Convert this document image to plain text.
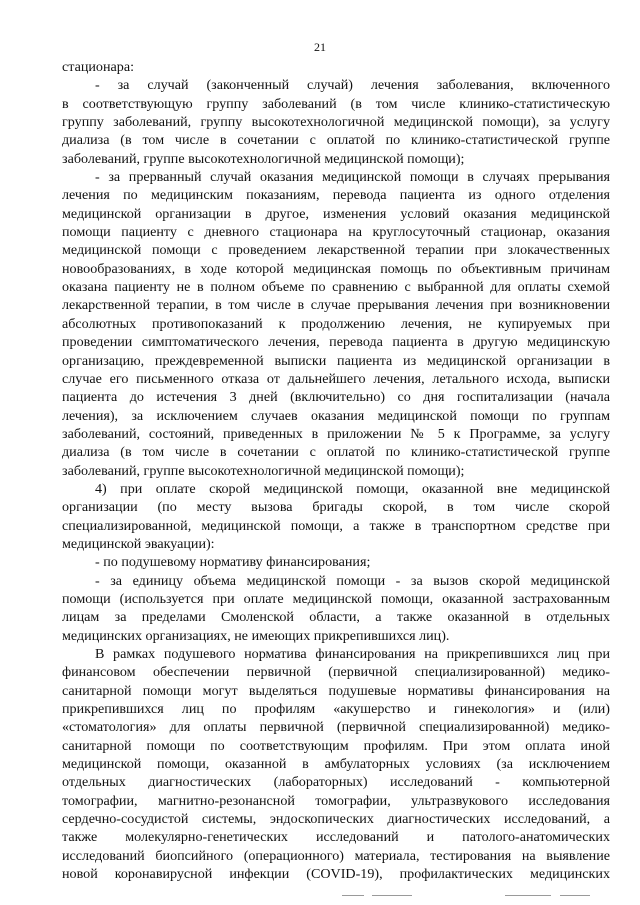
21
стационара:
- за случай (законченный случай) лечения заболевания, включенного
в соответствующую группу заболеваний (в том числе клинико-статистическую
группу заболеваний, группу высокотехнологичной медицинской помощи), за услугу
диализа (в том числе в сочетании с оплатой по клинико-статистической группе
заболеваний, группе высокотехнологичной медицинской помощи);
- за прерванный случай оказания медицинской помощи в случаях прерывания
лечения по медицинским показаниям, перевода пациента из одного отделения
медицинской организации в другое, изменения условий оказания медицинской
помощи пациенту с дневного стационара на круглосуточный стационар, оказания
медицинской помощи с проведением лекарственной терапии при злокачественных
новообразованиях, в ходе которой медицинская помощь по объективным причинам
оказана пациенту не в полном объеме по сравнению с выбранной для оплаты схемой
лекарственной терапии, в том числе в случае прерывания лечения при возникновении
абсолютных противопоказаний к продолжению лечения, не купируемых при
проведении симптоматического лечения, перевода пациента в другую медицинскую
организацию, преждевременной выписки пациента из медицинской организации в
случае его письменного отказа от дальнейшего лечения, летального исхода, выписки
пациента до истечения 3 дней (включительно) со дня госпитализации (начала
лечения), за исключением случаев оказания медицинской помощи по группам
заболеваний, состояний, приведенных в приложении № 5 к Программе, за услугу
диализа (в том числе в сочетании с оплатой по клинико-статистической группе
заболеваний, группе высокотехнологичной медицинской помощи);
4) при оплате скорой медицинской помощи, оказанной вне медицинской
организации (по месту вызова бригады скорой, в том числе скорой
специализированной, медицинской помощи, а также в транспортном средстве при
медицинской эвакуации):
- по подушевому нормативу финансирования;
- за единицу объема медицинской помощи - за вызов скорой медицинской
помощи (используется при оплате медицинской помощи, оказанной застрахованным
лицам за пределами Смоленской области, а также оказанной в отдельных
медицинских организациях, не имеющих прикрепившихся лиц).
В рамках подушевого норматива финансирования на прикрепившихся лиц при
финансовом обеспечении первичной (первичной специализированной) медико-
санитарной помощи могут выделяться подушевые нормативы финансирования на
прикрепившихся лиц по профилям «акушерство и гинекология» и (или)
«стоматология» для оплаты первичной (первичной специализированной) медико-
санитарной помощи по соответствующим профилям. При этом оплата иной
медицинской помощи, оказанной в амбулаторных условиях (за исключением
отдельных диагностических (лабораторных) исследований - компьютерной
томографии, магнитно-резонансной томографии, ультразвукового исследования
сердечно-сосудистой системы, эндоскопических диагностических исследований, а
также молекулярно-генетических исследований и патолого-анатомических
исследований биопсийного (операционного) материала, тестирования на выявление
новой коронавирусной инфекции (COVID-19), профилактических медицинских
